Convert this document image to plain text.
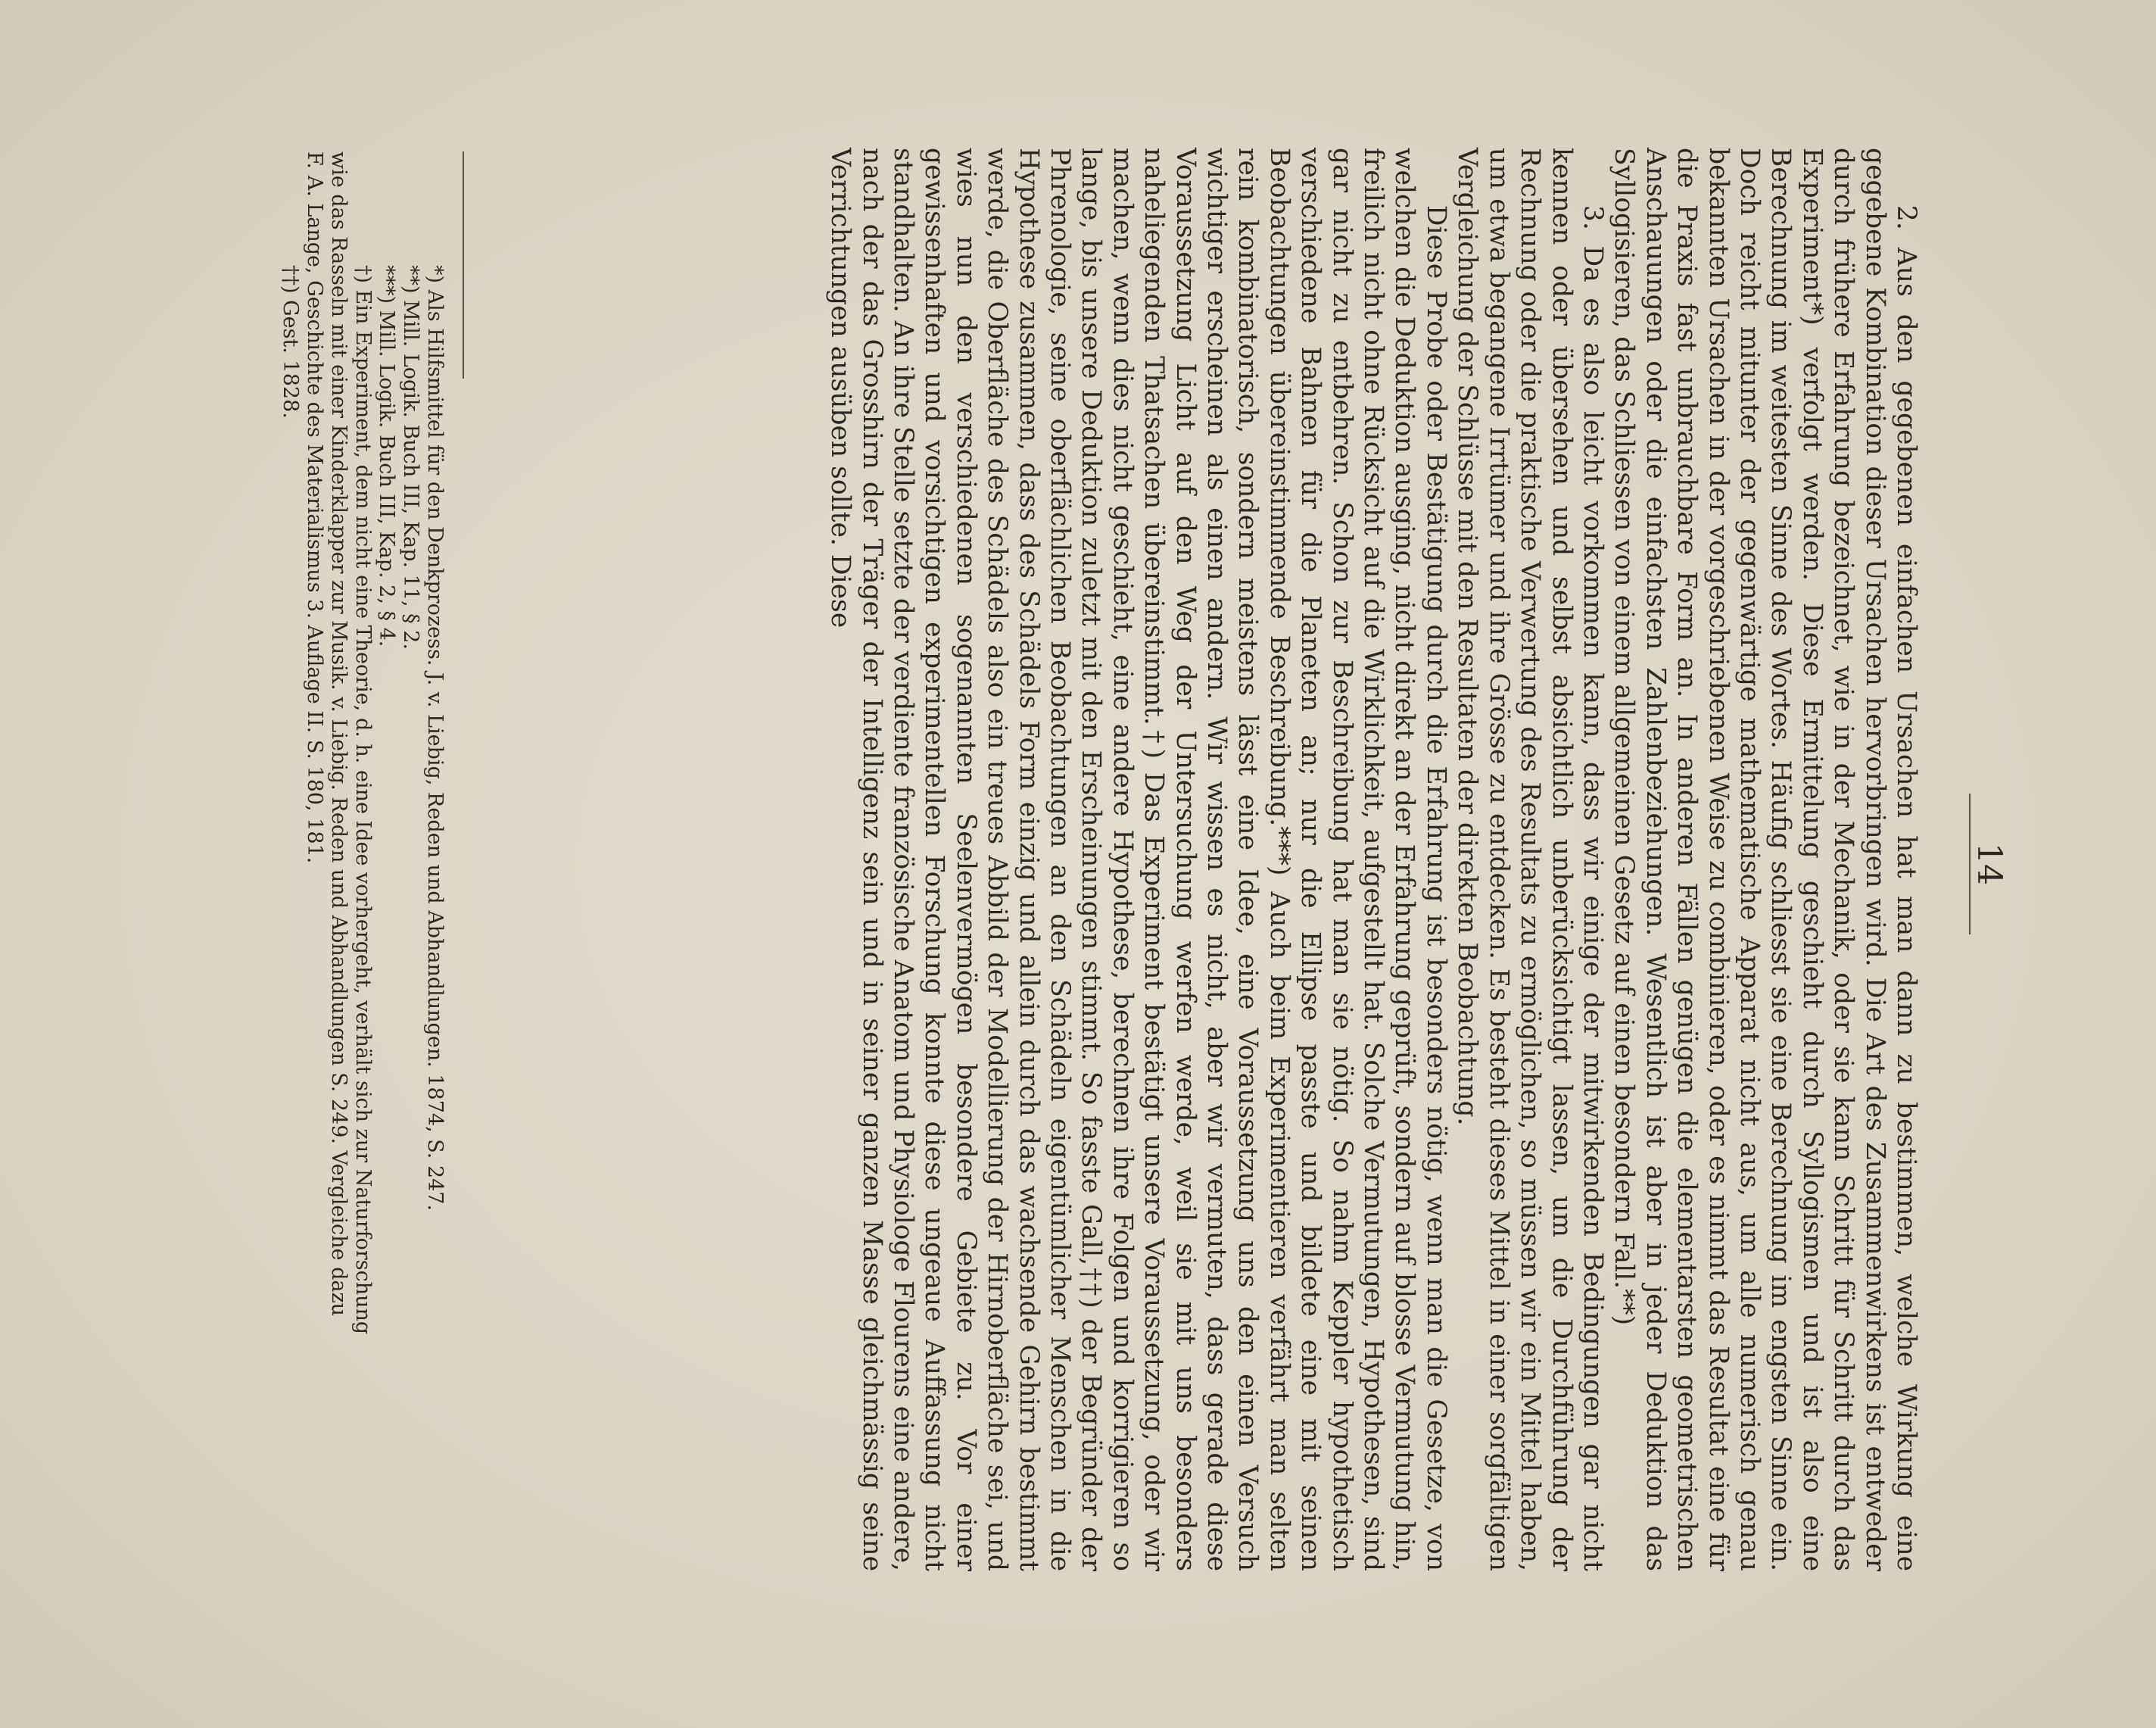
14

2. Aus den gegebenen einfachen Ursachen hat man dann zu bestimmen, welche Wirkung eine gegebene Kombination dieser Ursachen hervorbringen wird. Die Art des Zusammenwirkens ist entweder durch frühere Erfahrung bezeichnet, wie in der Mechanik, oder sie kann Schritt für Schritt durch das Experiment*) verfolgt werden. Diese Ermittelung geschieht durch Syllogismen und ist also eine Berechnung im weitesten Sinne des Wortes. Häufig schliesst sie eine Berechnung im engsten Sinne ein. Doch reicht mitunter der gegenwärtige mathematische Apparat nicht aus, um alle numerisch genau bekannten Ursachen in der vorgeschriebenen Weise zu combinieren, oder es nimmt das Resultat eine für die Praxis fast unbrauchbare Form an. In anderen Fällen genügen die elementarsten geometrischen Anschauungen oder die einfachsten Zahlenbeziehungen. Wesentlich ist aber in jeder Deduktion das Syllogisieren, das Schliessen von einem allgemeinen Gesetz auf einen besondern Fall.**)

3. Da es also leicht vorkommen kann, dass wir einige der mitwirkenden Bedingungen gar nicht kennen oder übersehen und selbst absichtlich unberücksichtigt lassen, um die Durchführung der Rechnung oder die praktische Verwertung des Resultats zu ermöglichen, so müssen wir ein Mittel haben, um etwa begangene Irrtümer und ihre Grösse zu entdecken. Es besteht dieses Mittel in einer sorgfältigen Vergleichung der Schlüsse mit den Resultaten der direkten Beobachtung.

Diese Probe oder Bestätigung durch die Erfahrung ist besonders nötig, wenn man die Gesetze, von welchen die Deduktion ausging, nicht direkt an der Erfahrung geprüft, sondern auf blosse Vermutung hin, freilich nicht ohne Rücksicht auf die Wirklichkeit, aufgestellt hat. Solche Vermutungen, Hypothesen, sind gar nicht zu entbehren. Schon zur Beschreibung hat man sie nötig. So nahm Keppler hypothetisch verschiedene Bahnen für die Planeten an; nur die Ellipse passte und bildete eine mit seinen Beobachtungen übereinstimmende Beschreibung.***) Auch beim Experimentieren verfährt man selten rein kombinatorisch, sondern meistens lässt eine Idee, eine Voraussetzung uns den einen Versuch wichtiger erscheinen als einen andern. Wir wissen es nicht, aber wir vermuten, dass gerade diese Voraussetzung Licht auf den Weg der Untersuchung werfen werde, weil sie mit uns besonders naheliegenden Thatsachen übereinstimmt.†) Das Experiment bestätigt unsere Voraussetzung, oder wir machen, wenn dies nicht geschieht, eine andere Hypothese, berechnen ihre Folgen und korrigieren so lange, bis unsere Deduktion zuletzt mit den Erscheinungen stimmt. So fasste Gall,††) der Begründer der Phrenologie, seine oberflächlichen Beobachtungen an den Schädeln eigentümlicher Menschen in die Hypothese zusammen, dass des Schädels Form einzig und allein durch das wachsende Gehirn bestimmt werde, die Oberfläche des Schädels also ein treues Abbild der Modellierung der Hirnoberfläche sei, und wies nun den verschiedenen sogenannten Seelenvermögen besondere Gebiete zu. Vor einer gewissenhaften und vorsichtigen experimentellen Forschung konnte diese ungeaue Auffassung nicht standhalten. An ihre Stelle setzte der verdiente französische Anatom und Physiologe Flourens eine andere, nach der das Grosshirn der Träger der Intelligenz sein und in seiner ganzen Masse gleichmässig seine Verrichtungen ausüben sollte. Diese

*) Als Hilfsmittel für den Denkprozess. J. v. Liebig, Reden und Abhandlungen. 1874, S. 247.

**) Mill. Logik. Buch III, Kap. 11, § 2.

***) Mill. Logik. Buch III, Kap. 2, § 4.

†) Ein Experiment, dem nicht eine Theorie, d. h. eine Idee vorhergeht, verhält sich zur Naturforschung

wie das Rasseln mit einer Kinderklapper zur Musik. v. Liebig. Reden und Abhandlungen S. 249. Vergleiche dazu

F. A. Lange, Geschichte des Materialismus 3. Auflage II. S. 180, 181.

††) Gest. 1828.
